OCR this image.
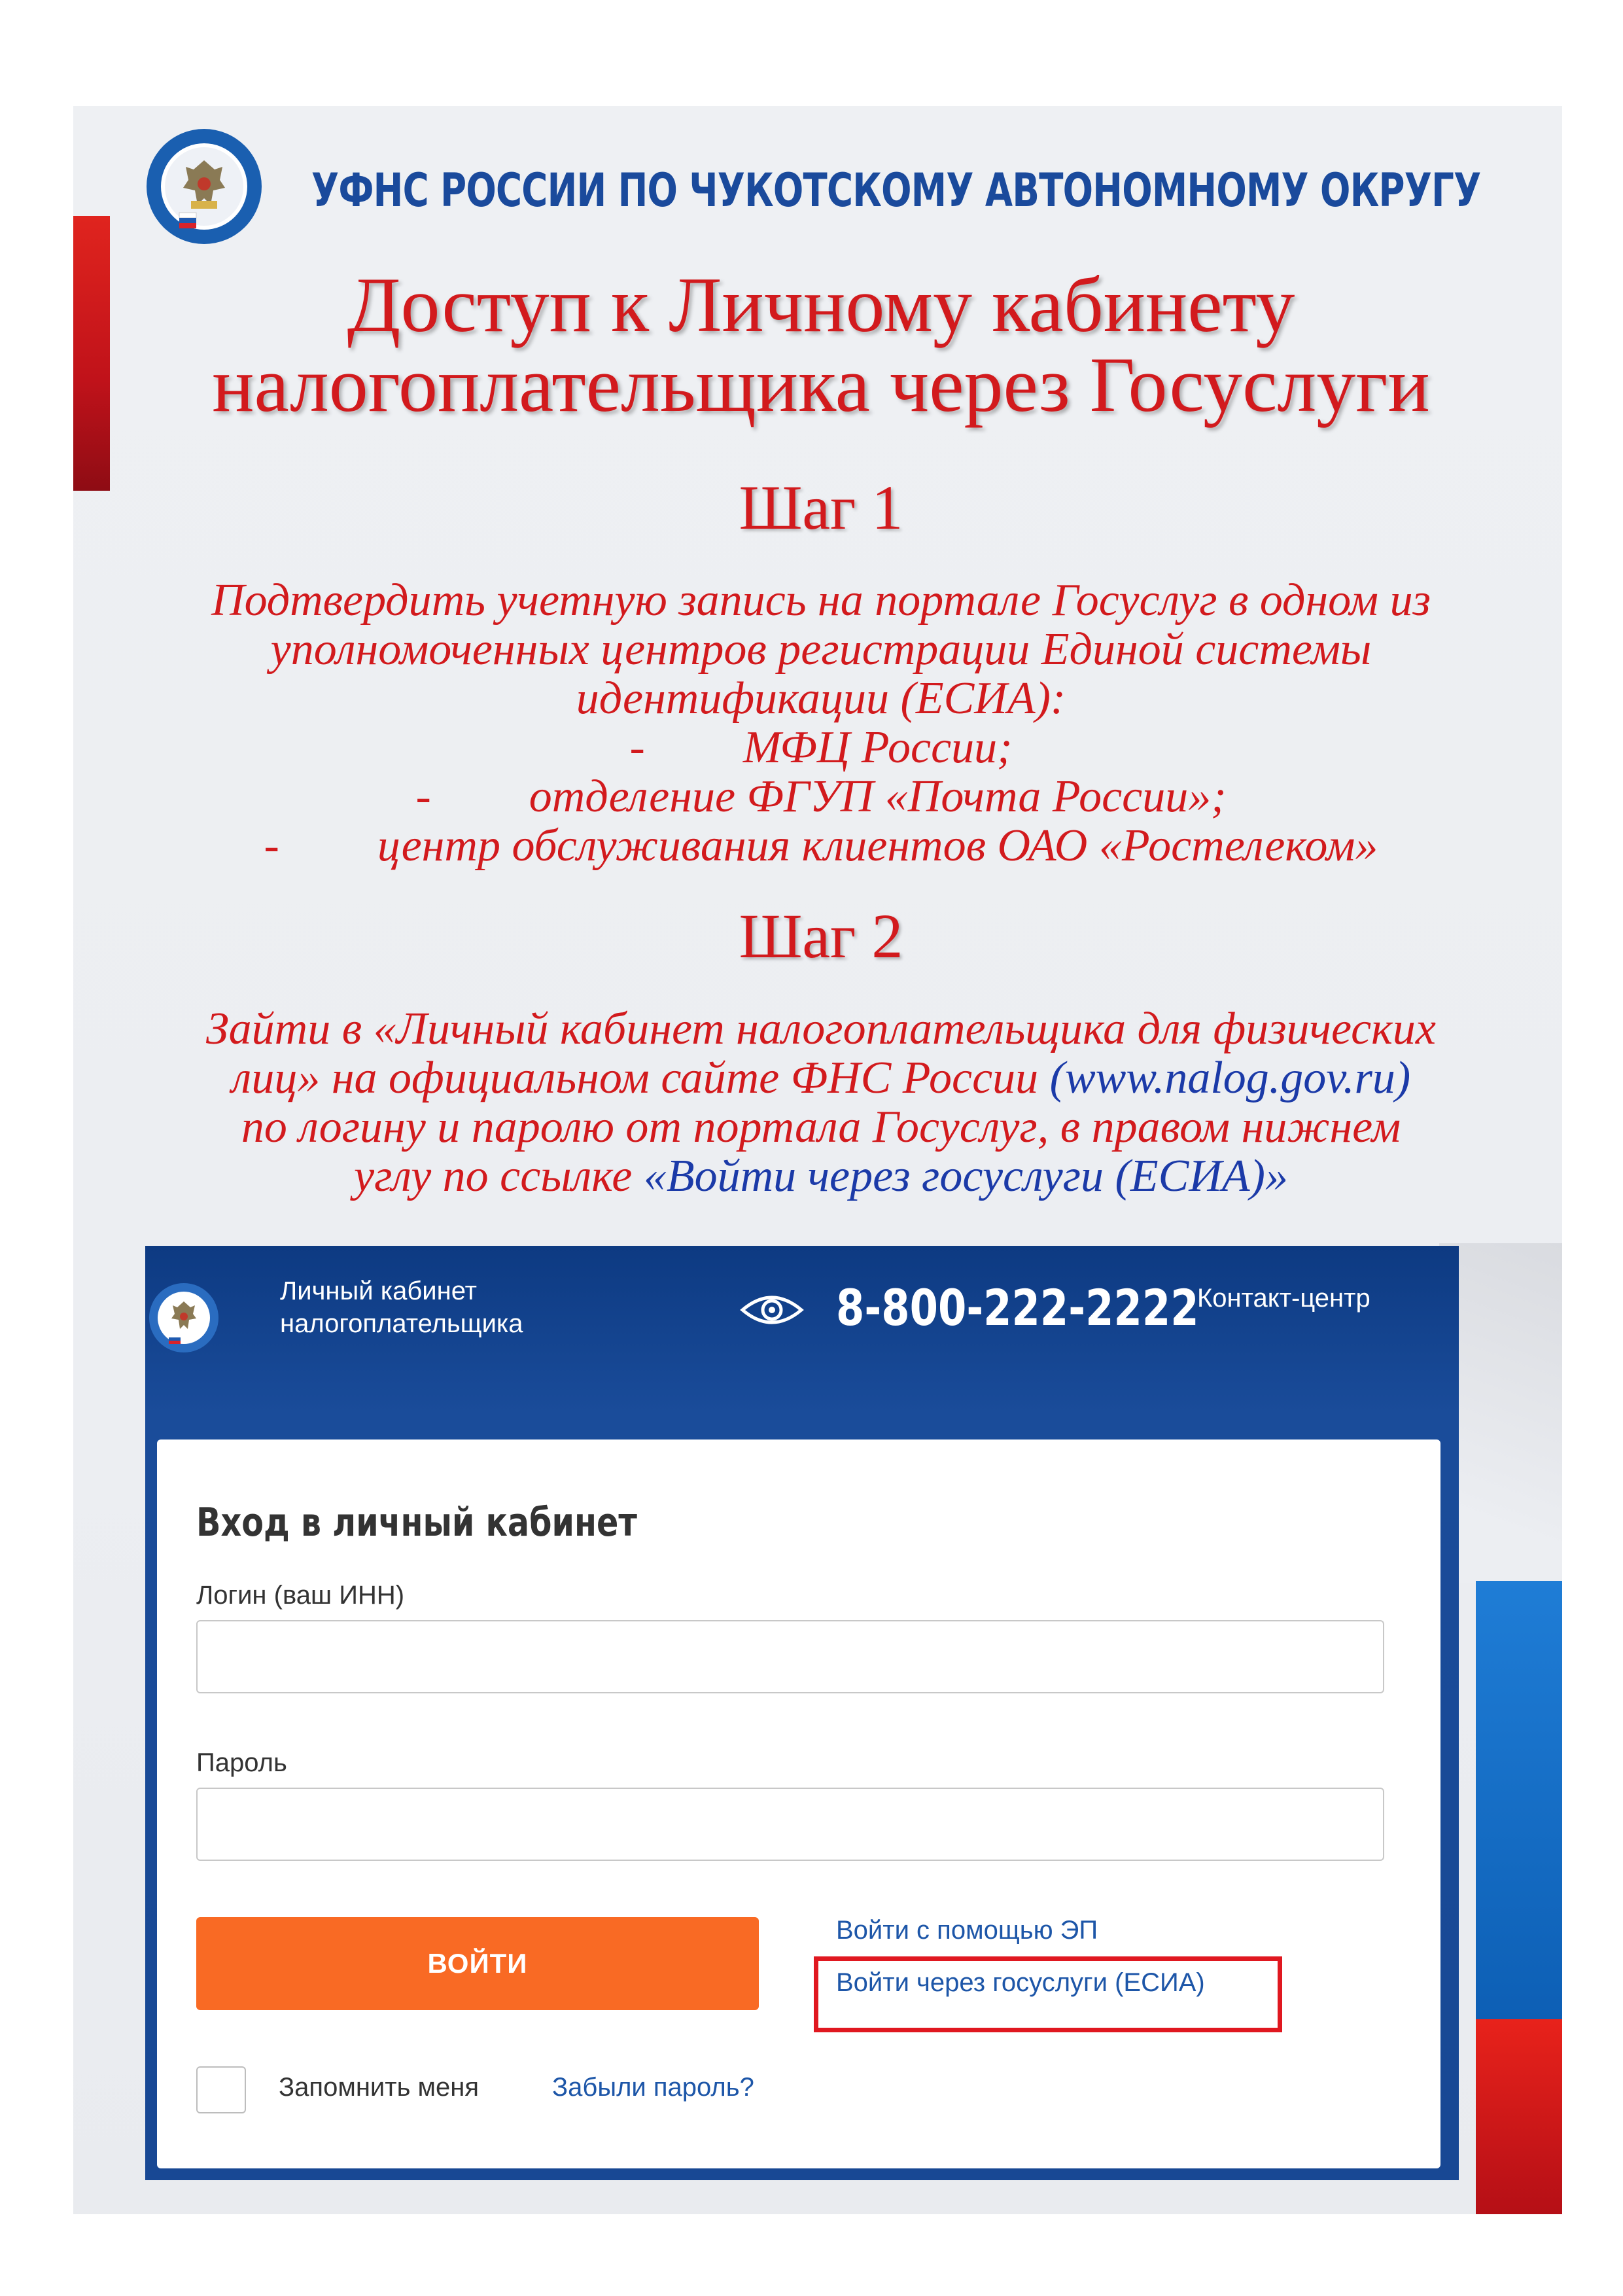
УФНС РОССИИ ПО ЧУКОТСКОМУ АВТОНОМНОМУ ОКРУГУ
Доступ к Личному кабинету
налогоплательщика через Госуслуги
Шаг 1
Подтвердить учетную запись на портале Госуслуг в одном из
уполномоченных центров регистрации Единой системы
идентификации (ЕСИА):
- МФЦ России;
- отделение ФГУП «Почта России»;
- центр обслуживания клиентов ОАО «Ростелеком»
Шаг 2
Зайти в «Личный кабинет налогоплательщика для физических
лиц» на официальном сайте ФНС России (www.nalog.gov.ru)
по логину и паролю от портала Госуслуг, в правом нижнем
углу по ссылке «Войти через госуслуги (ЕСИА)»
Личный кабинет
налогоплательщика	8-800-222-2222
Контакт-центр
Вход в личный кабинет
Логин (ваш ИНН)
Пароль
ВОЙТИ
Войти с помощью ЭП
Войти через госуслуги (ЕСИА)
Запомнить меня	Забыли пароль?
